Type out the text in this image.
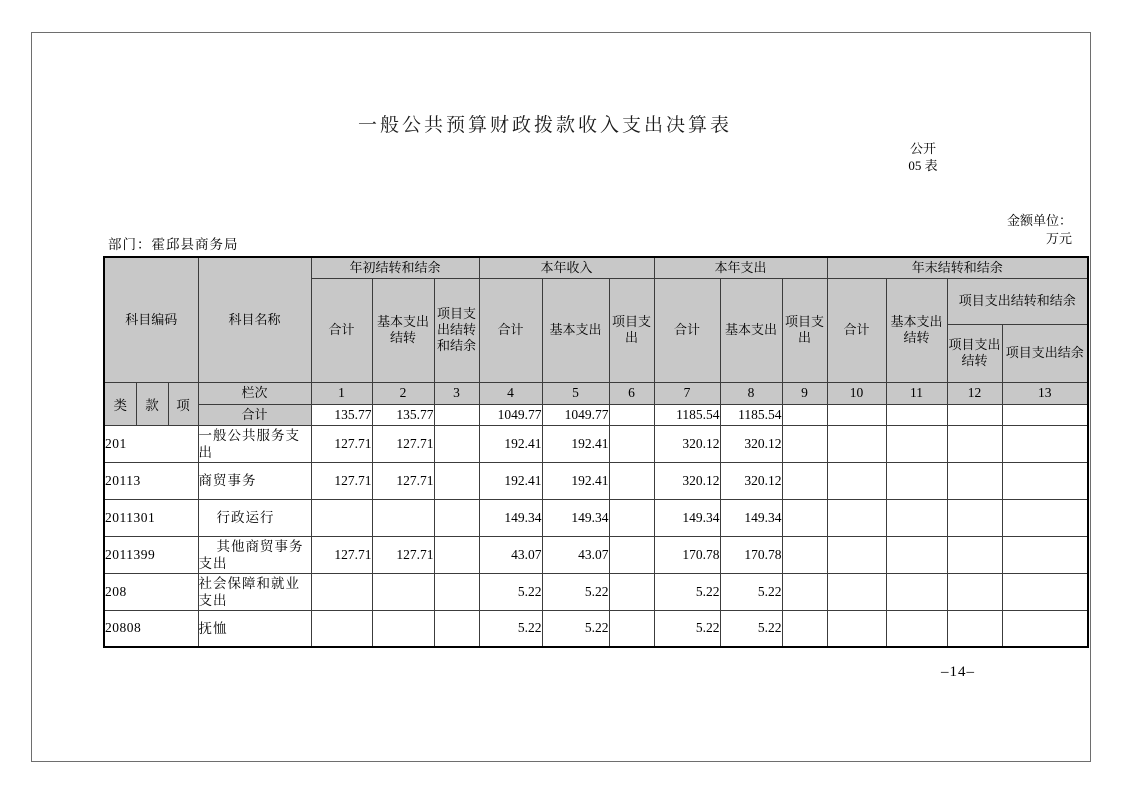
一般公共预算财政拨款收入支出决算表
公开
05 表
部门：霍邱县商务局
金额单位：
万元
科目编码			科目名称	年初结转和结余			本年收入			本年支出			年末结转和结余			
				合计	基本支出结转	项目支出结转和结余	合计	基本支出	项目支出	合计	基本支出	项目支出	合计	基本支出结转	项目支出结转和结余	
															项目支出结转	项目支出结余
类	款	项	栏次	1	2	3	4	5	6	7	8	9	10	11	12	13
			合计	135.77	135.77		1049.77	1049.77		1185.54	1185.54					
201			一般公共服务支出	127.71	127.71		192.41	192.41		320.12	320.12					
20113			商贸事务	127.71	127.71		192.41	192.41		320.12	320.12					
2011301			行政运行				149.34	149.34		149.34	149.34					
2011399			其他商贸事务支出	127.71	127.71		43.07	43.07		170.78	170.78					
208			社会保障和就业支出				5.22	5.22		5.22	5.22					
20808			抚恤				5.22	5.22		5.22	5.22					
–14–
